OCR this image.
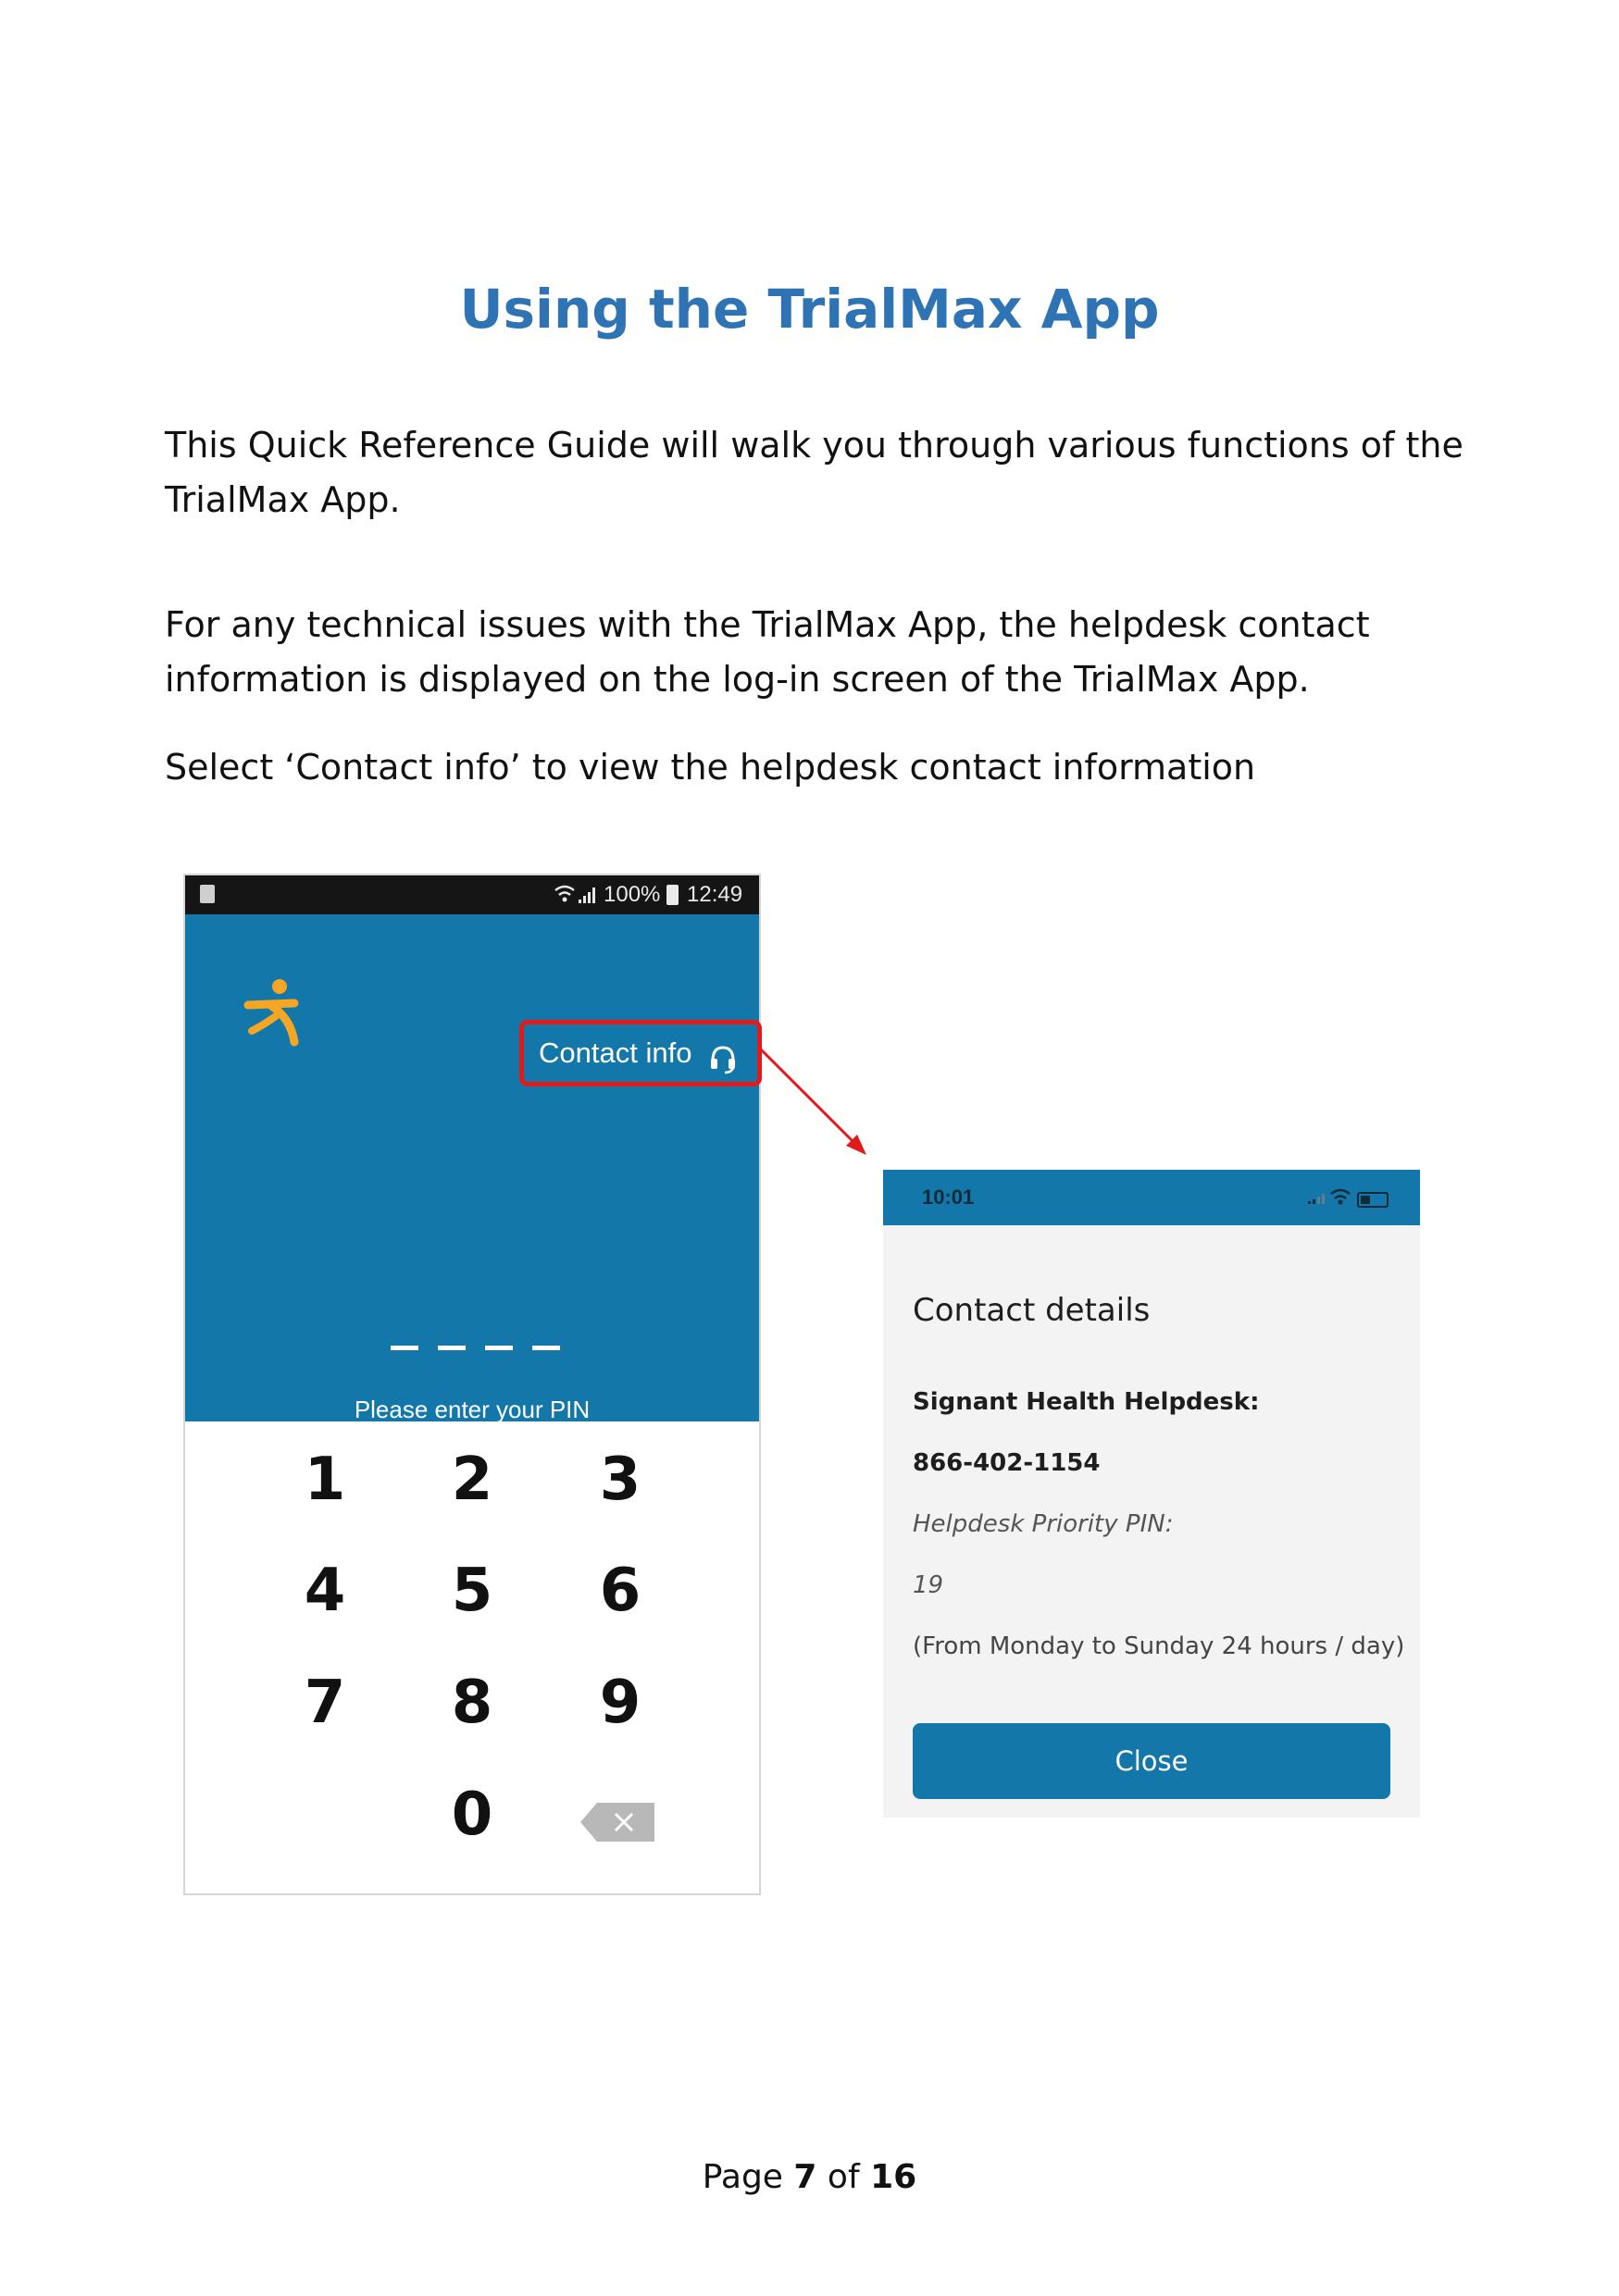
Using the TrialMax App
This Quick Reference Guide will walk you through various functions of the TrialMax App.
For any technical issues with the TrialMax App, the helpdesk contact information is displayed on the log-in screen of the TrialMax App.
Select ‘Contact info’ to view the helpdesk contact information
100% 12:49
Contact info
Please enter your PIN
1	2	3
4	5	6
7	8	9
0
10:01
Contact details
Signant Health Helpdesk:
866-402-1154
Helpdesk Priority PIN:
19
(From Monday to Sunday 24 hours / day)
Close
Page 7 of 16
